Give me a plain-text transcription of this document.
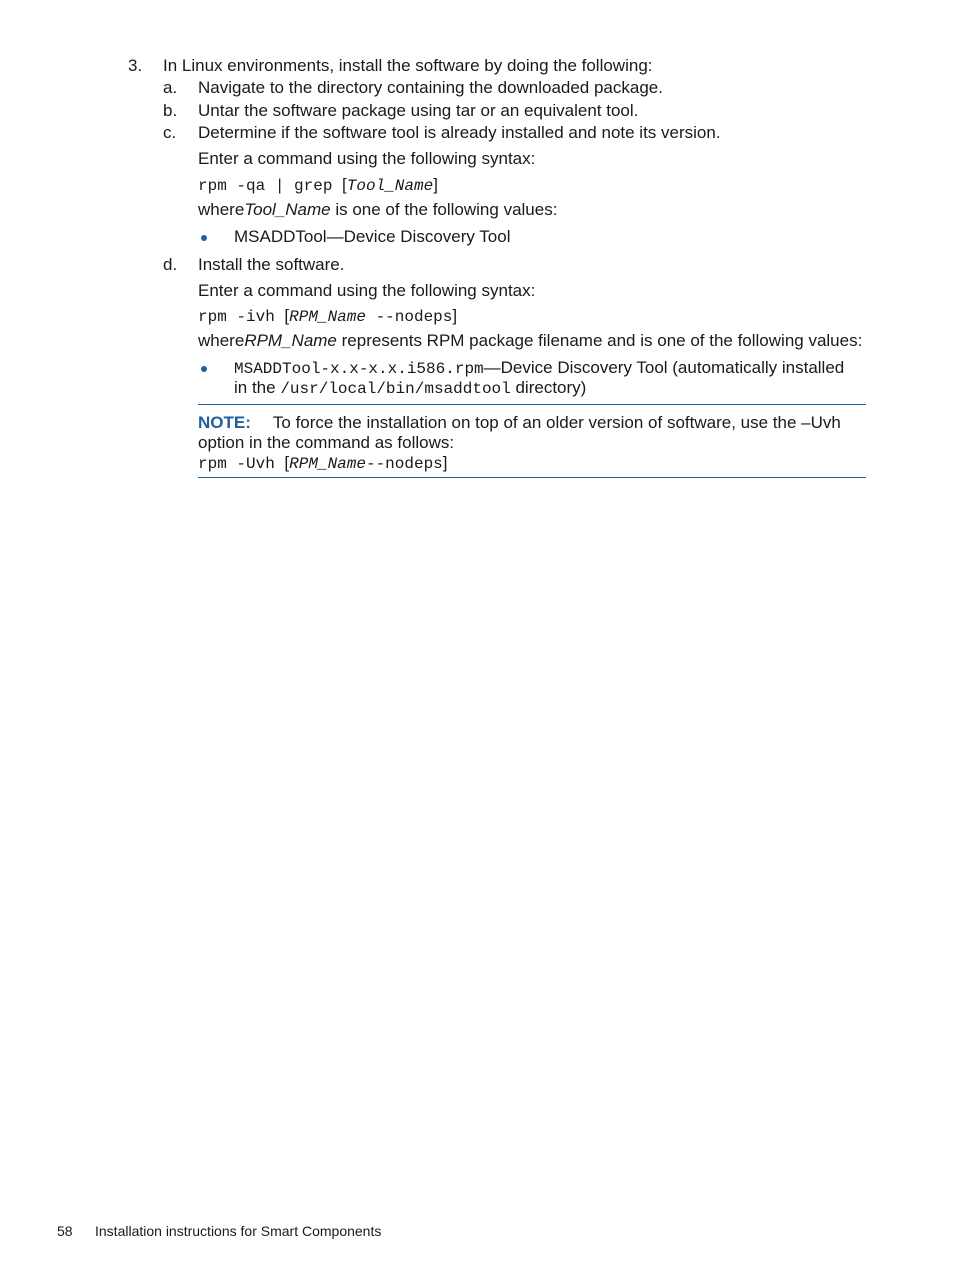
3. In Linux environments, install the software by doing the following:
a. Navigate to the directory containing the downloaded package.
b. Untar the software package using tar or an equivalent tool.
c. Determine if the software tool is already installed and note its version.
Enter a command using the following syntax:
rpm -qa | grep [Tool_Name]
whereTool_Name is one of the following values:
MSADDTool—Device Discovery Tool
d. Install the software.
Enter a command using the following syntax:
rpm -ivh [RPM_Name --nodeps]
whereRPM_Name represents RPM package filename and is one of the following values:
MSADDTool-x.x-x.x.i586.rpm—Device Discovery Tool (automatically installed
in the /usr/local/bin/msaddtool directory)
NOTE: To force the installation on top of an older version of software, use the –Uvh
option in the command as follows:
rpm -Uvh [RPM_Name--nodeps]
58 Installation instructions for Smart Components
